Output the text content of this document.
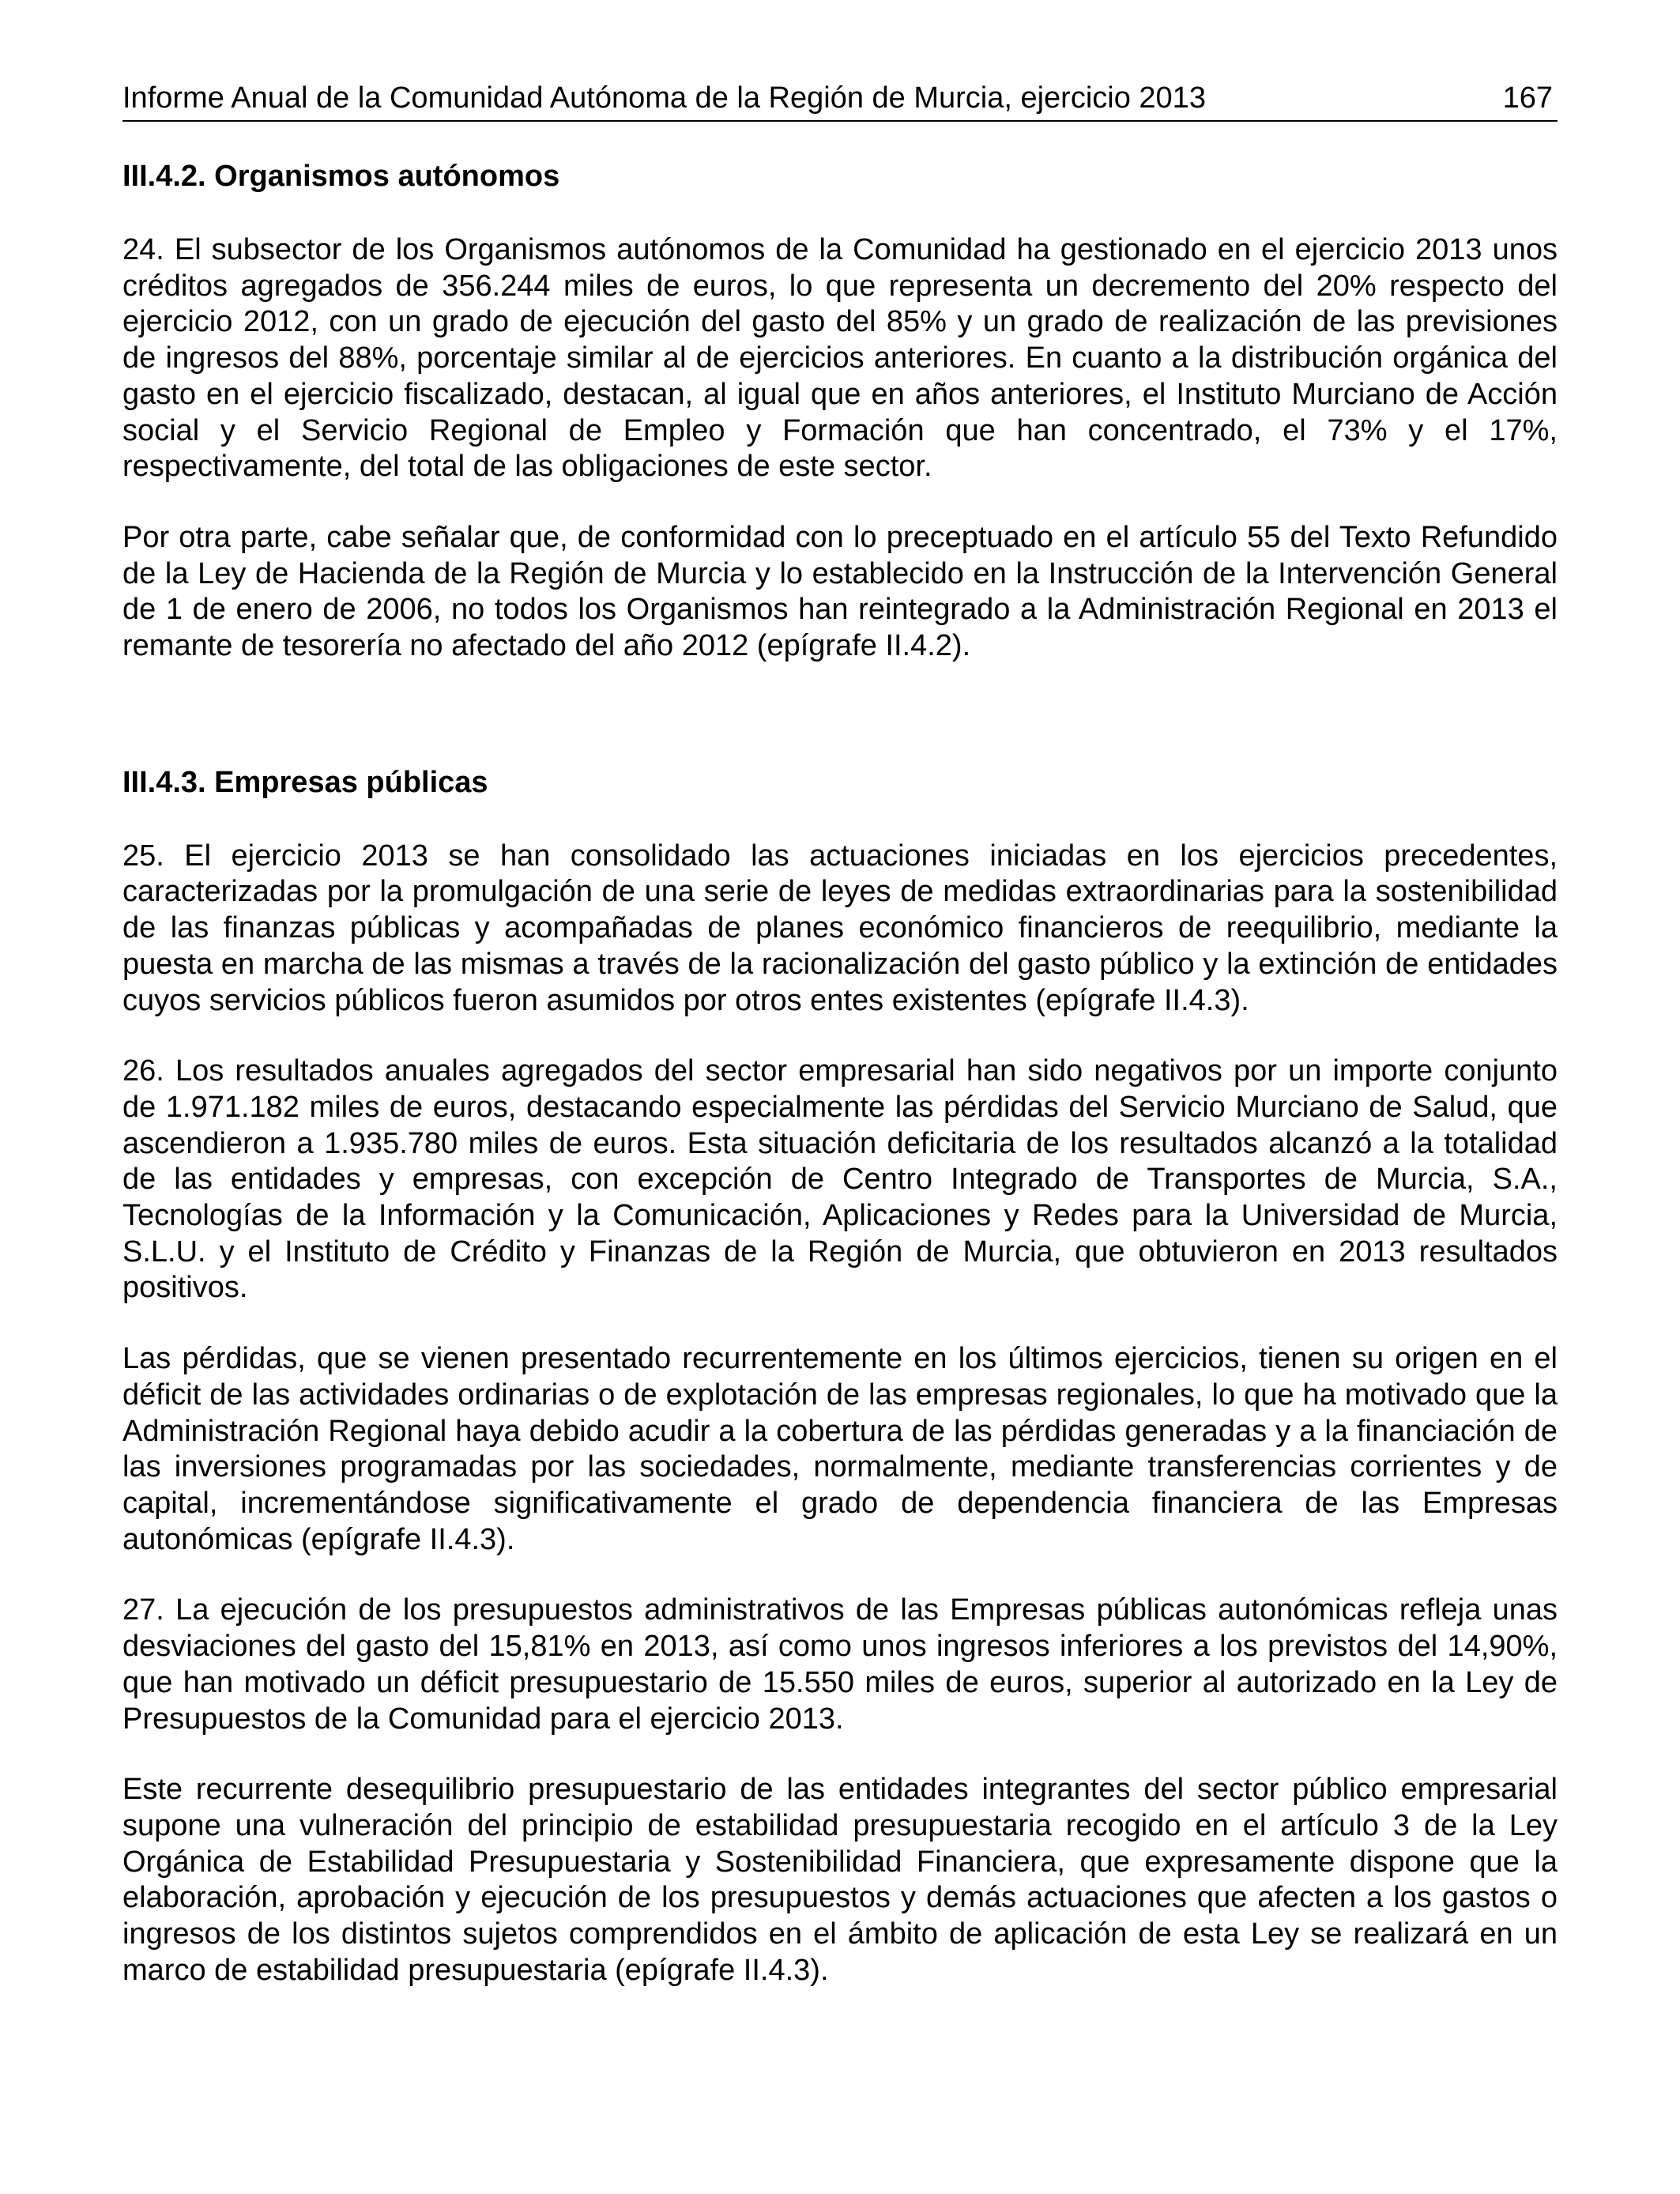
Informe Anual de la Comunidad Autónoma de la Región de Murcia, ejercicio 2013	167
III.4.2. Organismos autónomos

24. El subsector de los Organismos autónomos de la Comunidad ha gestionado en el ejercicio 2013 unos créditos agregados de 356.244 miles de euros, lo que representa un decremento del 20% respecto del ejercicio 2012, con un grado de ejecución del gasto del 85% y un grado de realización de las previsiones de ingresos del 88%, porcentaje similar al de ejercicios anteriores. En cuanto a la distribución orgánica del gasto en el ejercicio fiscalizado, destacan, al igual que en años anteriores, el Instituto Murciano de Acción social y el Servicio Regional de Empleo y Formación que han concentrado, el 73% y el 17%, respectivamente, del total de las obligaciones de este sector.

Por otra parte, cabe señalar que, de conformidad con lo preceptuado en el artículo 55 del Texto Refundido de la Ley de Hacienda de la Región de Murcia y lo establecido en la Instrucción de la Intervención General de 1 de enero de 2006, no todos los Organismos han reintegrado a la Administración Regional en 2013 el remante de tesorería no afectado del año 2012 (epígrafe II.4.2).

III.4.3. Empresas públicas

25. El ejercicio 2013 se han consolidado las actuaciones iniciadas en los ejercicios precedentes, caracterizadas por la promulgación de una serie de leyes de medidas extraordinarias para la sostenibilidad de las finanzas públicas y acompañadas de planes económico financieros de reequilibrio, mediante la puesta en marcha de las mismas a través de la racionalización del gasto público y la extinción de entidades cuyos servicios públicos fueron asumidos por otros entes existentes (epígrafe II.4.3).

26. Los resultados anuales agregados del sector empresarial han sido negativos por un importe conjunto de 1.971.182 miles de euros, destacando especialmente las pérdidas del Servicio Murciano de Salud, que ascendieron a 1.935.780 miles de euros. Esta situación deficitaria de los resultados alcanzó a la totalidad de las entidades y empresas, con excepción de Centro Integrado de Transportes de Murcia, S.A., Tecnologías de la Información y la Comunicación, Aplicaciones y Redes para la Universidad de Murcia, S.L.U. y el Instituto de Crédito y Finanzas de la Región de Murcia, que obtuvieron en 2013 resultados positivos.

Las pérdidas, que se vienen presentado recurrentemente en los últimos ejercicios, tienen su origen en el déficit de las actividades ordinarias o de explotación de las empresas regionales, lo que ha motivado que la Administración Regional haya debido acudir a la cobertura de las pérdidas generadas y a la financiación de las inversiones programadas por las sociedades, normalmente, mediante transferencias corrientes y de capital, incrementándose significativamente el grado de dependencia financiera de las Empresas autonómicas (epígrafe II.4.3).

27. La ejecución de los presupuestos administrativos de las Empresas públicas autonómicas refleja unas desviaciones del gasto del 15,81% en 2013, así como unos ingresos inferiores a los previstos del 14,90%, que han motivado un déficit presupuestario de 15.550 miles de euros, superior al autorizado en la Ley de Presupuestos de la Comunidad para el ejercicio 2013.

Este recurrente desequilibrio presupuestario de las entidades integrantes del sector público empresarial supone una vulneración del principio de estabilidad presupuestaria recogido en el artículo 3 de la Ley Orgánica de Estabilidad Presupuestaria y Sostenibilidad Financiera, que expresamente dispone que la elaboración, aprobación y ejecución de los presupuestos y demás actuaciones que afecten a los gastos o ingresos de los distintos sujetos comprendidos en el ámbito de aplicación de esta Ley se realizará en un marco de estabilidad presupuestaria (epígrafe II.4.3).
